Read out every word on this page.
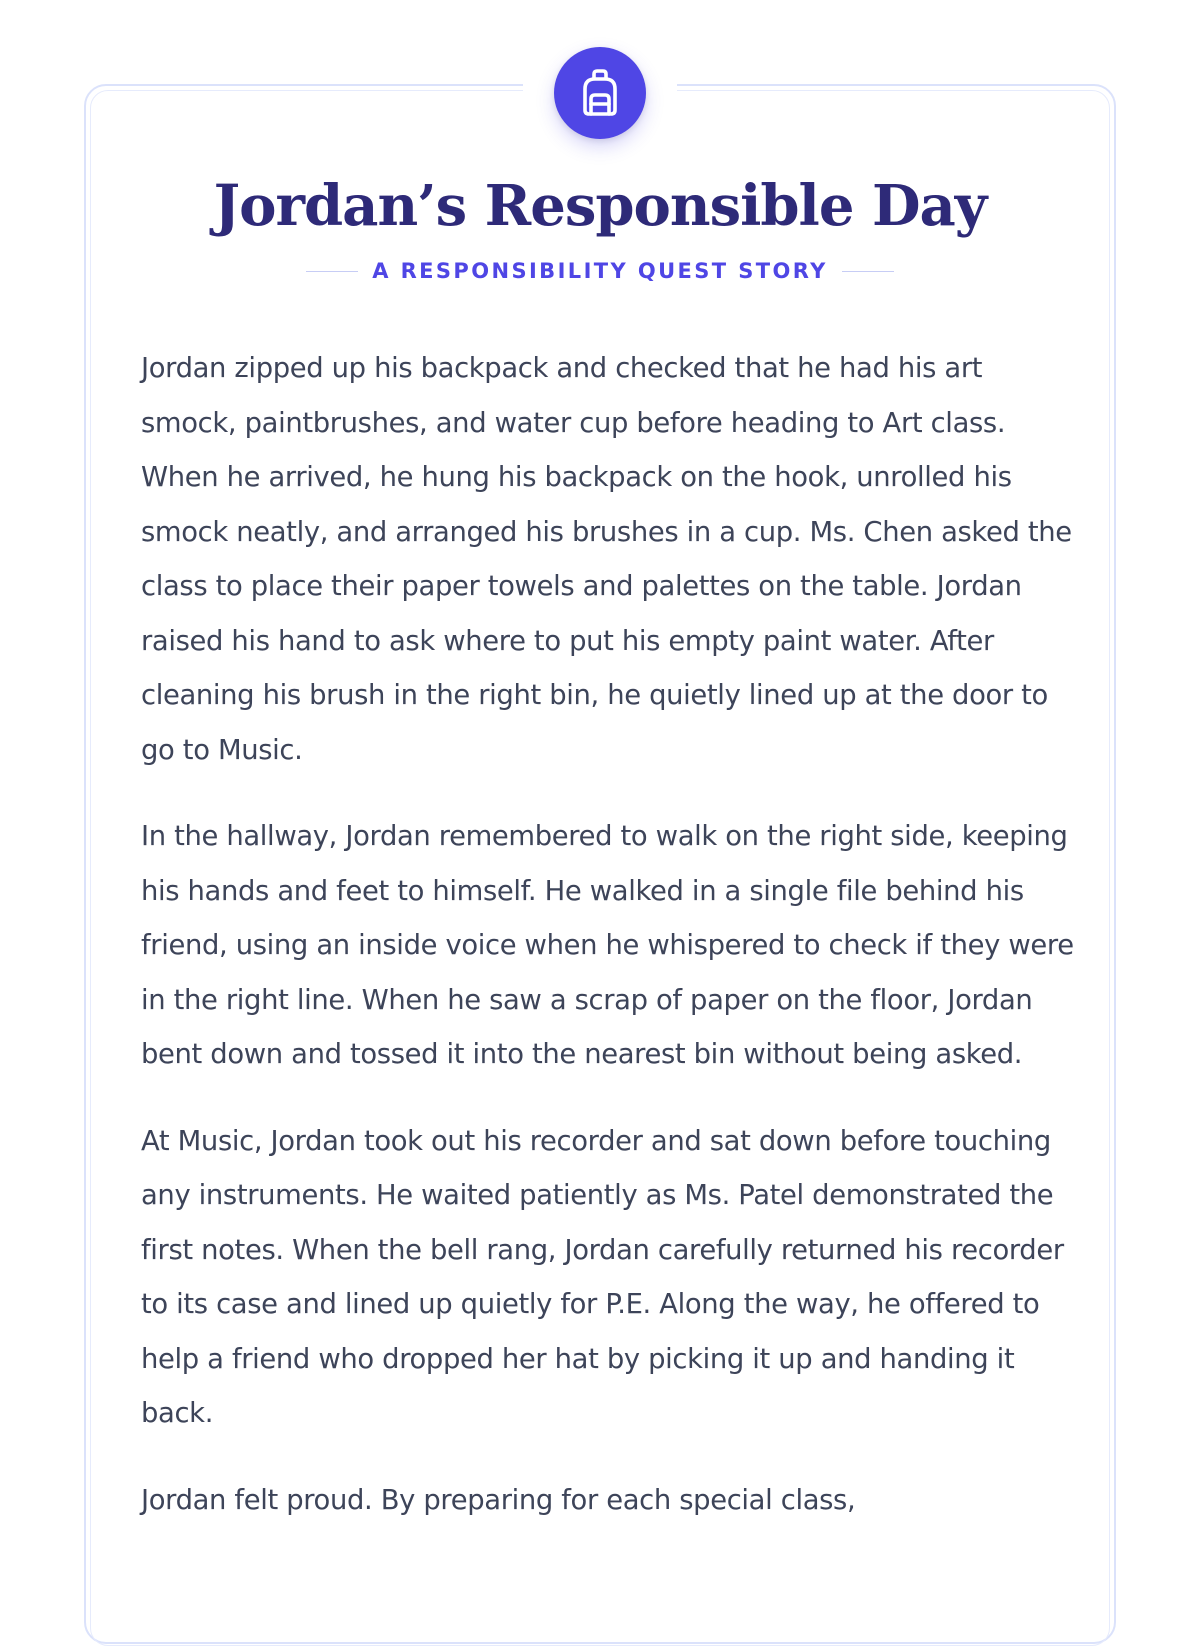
Jordan’s Responsible Day
A RESPONSIBILITY QUEST STORY

Jordan zipped up his backpack and checked that he had his art smock, paintbrushes, and water cup before heading to Art class. When he arrived, he hung his backpack on the hook, unrolled his smock neatly, and arranged his brushes in a cup. Ms. Chen asked the class to place their paper towels and palettes on the table. Jordan raised his hand to ask where to put his empty paint water. After cleaning his brush in the right bin, he quietly lined up at the door to go to Music.

In the hallway, Jordan remembered to walk on the right side, keeping his hands and feet to himself. He walked in a single file behind his friend, using an inside voice when he whispered to check if they were in the right line. When he saw a scrap of paper on the floor, Jordan bent down and tossed it into the nearest bin without being asked.

At Music, Jordan took out his recorder and sat down before touching any instruments. He waited patiently as Ms. Patel demonstrated the first notes. When the bell rang, Jordan carefully returned his recorder to its case and lined up quietly for P.E. Along the way, he offered to help a friend who dropped her hat by picking it up and handing it back.

Jordan felt proud. By preparing for each special class,
